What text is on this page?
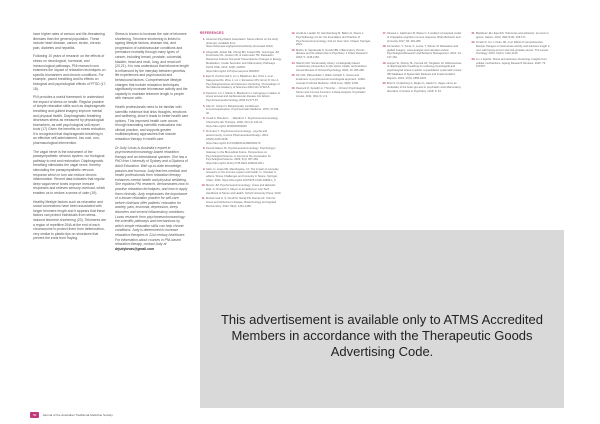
have higher rates of serious and life-threatening illnesses than the general population. These include heart disease, cancer, stroke, chronic pain, diabetes and hepatitis.

Following 10 years of research on the effects of stress on neurological, hormonal, and immunological pathways, PNI research now examines the impact of relaxation techniques on specific biomarkers and chronic conditions. For example, paced breathing and its effects on biological and psychological effects of PTSD (17, 18).

PNI provides a useful framework to understand the impact of stress on health. Regular practice of simple relaxation skills such as diaphragmatic breathing and guided imagery improve mental and physical health. Diaphragmatic breathing decreases stress as measured by physiological biomarkers, as well psychological self-report tools (17) Given the benefits on stress reduction, it is recognised that diaphragmatic breathing is an effective self-administered, low cost, non-pharmacological intervention.

The vagal nerve is the instrument of the parasympathetic nervous system, our biological pathway to rest and restoration. Diaphragmatic breathing stimulates the vagal nerve, thereby stimulating the parasympathetic nervous response which in turn can reduce chronic inflammation. Recent data indicates that regular deep vagal nerve tones improve immune responses and relieves sensory overload, which enables us to restore a sense of calm (19).

Healthy lifestyle factors such as relaxation and social connections have been associated with longer telomere length and it appears that these factors can protect individuals from stress-induced telomere shortening (20). Telomeres are a region of repetitive DNA at the end of each chromosome to protect them from deterioration, very similar to plastic tips on shoelaces that prevent the ends from fraying.

Stress is known to increase the rate of telomere shortening. Telomere shortening is linked to ageing lifestyle factors, disease risk, and progression of cardiovascular conditions and premature mortality through many types of cancer, including breast, prostate, colorectal, bladder, head and neck, lung, and renal cell (20,21). It is now understood that telomere length is influenced by the interplay between genetics, life experiences and psychosocial and behavioural factors. Comprehensive lifestyle changes that include relaxation techniques significantly increase telomerase activity and the capacity to maintain telomere length in people with immune cells.

Health professionals need to be familiar with scientific evidence that links thoughts, emotions and wellbeing, since it leads to better health care options. This improved health care occurs through translating scientific evaluations into clinical practice, and supports greater multidisciplinary approaches that include relaxation therapy in health care.

Dr Judy Lovas is Australia's expert in psychoneuroimmunology-based relaxation therapy and an international speaker. She has a PhD from University of Sydney and a Diploma of Adult Education. With up-to-date knowledge, passion and humour, Judy teaches medical and health professionals from relaxation therapy enhances mental health and physical wellbeing. She explains PNI research, demonstrates how to practise relaxation techniques, and how to apply them clinically. Judy emphasises the importance of a known relaxation practice for self-care before clinicians offer patients' relaxation for anxiety, pain, insomnia, depression, sleep disorders and several inflammatory conditions. Lovas research from psychoneuroimmunology: the scientific pathways and mechanisms by which simple relaxation skills can help chronic conditions. Judy is determined to increase relaxation therapies in 21st century healthcare. For information about courses in PNI-based relaxation therapy, contact Judy at drjudylovas@gmail.com

REFERENCES
1. American Psychiatric Association. Stress effects on the body (Internet). Available from: https://www.apa.org/topics/stress/body (Accessed 2022).
2. Ahaya ER, Apkah DE, Chung BN, Joseph RN, Grenimger JM, Frushmeier DL, Hesson IR, & Litsinmeier TM. Relaxation Response Induces Temporal Transcriptome Changes in Energy Metabolism, Insulin Secretion and Inflammatory Pathways. PLOS ONE. 2013; 12(5): e62817. https://doi.org/10.1371/journal.pone.0062817
3. Epel N, Parzormeid F, Lin J, Blackburn EH, Ortro J, et al. Sakuyama DG, Zhou J, Lin J, Esmanson RS, Ernor R, Kim A. Psychological stress and telomere shortening. Proceedings of the National Academy of Sciences 2004;101:17312-5.
4. Pereira F, Lin J, Martin A, Blackburn H. Cell aging in relation to stress arousal and cardiovascular disease risk factors. Psychoneuroendocrinology 2006;31:277-87.
5. Ader R. Cohen N. Behaviourally conditioned immunosuppression. Psychosomatic Medicine. 1975; 37:333-40.
6. Yousfi A, Brenda-F; ... Mandrum J. Psychoneuroimmunology. Chemische der Therapie. 2006; 21(1-2):133-41. https://doi.org/10.1159/000092030
7. Zimmarin T. Psychoneuroimmunology - psyche and autoimmunity. Current Pharmaceutical Design. 2012; 18(29):4445-4448. https://doi.org/10.2174/138161212802502170
8. Kiecolt-Glaser JK. Psychoneuroimmunology: Psychology's Gateway to the Biomedical Future. Perspectives on Psychological Science: A Journal of the Association for Psychological Science. 2009; 4(4): 367-369 https://doi.org/10.1111/j.1745-6924.2009.01139.x
9. Salvi, H. Lewis NE, Mandrayeka, CJ. The impact of everyday stressors on the immune system and health. In: Choukèr A, editors. Stress Challenges and Immunity in Space. Springer, Cham; 2020. https://doi.org/10.1007/978-3-030-16996-1_6
10. Mercer JM. Psychoneuroimmunology: stress and allostatic load. In: Ninevich V. Meyer et al Hardcover, Ann Tech Handbook of Stress and Health. Oxford University Press; 2019.
11. Mohammad H. S. Dundi M. Naraji PD, Damla GK. Chronic stress and Alzheimer's disease. Biotechnology and Applied Biochemistry. 2022; 69(4): 1451-1458.
12. Anotik E, Lautkin NI, Hamblenberg M, Baltun H, Steel LL. Psychotherapy of Life: the Foundation and Practice of Psychoneuroimmunology. 2nd ed. New York: Chapel: Springer; 2021.
13. Martin, E. Sepúlveda N, Gurvitz BB. Inflammatory chronic disease and its relationship to Psychiatry. J Inflam Research 2018; 5: 1145-1152.
14. Slavich GM. Social safety theory: a biologically based evolutionary perspective on life stress, health, and behavior. Annual Review of Clinical Psychology. 2020; 16: 265-295.
15. Kim MA, Pikkuenblatt J, Rabin-Schaidr K. Stress and loneliness: A psychoneuroimmunological approach. JAMA: Journal of Clinical Medicine. 2019 June: 30(8): 1009.
16. Peacock R, Spradlin A. Thrombo ... Chronic Psychological Stress and Immune Function: A Meta-Analysis. Psychiatric Annals. 2011; 30(2-3): 2-3.
17. Strauss L, Gathmann B, Weiss C. A resilient conceptual model of integrative-cognitive immune response. Brain Behavior and Immunity 2017; 66: 281-289.
18. Fernandez, V, Tuma, K, Lucas, T, Shinar, M. Relaxation and guided imagery: meta-analysis and narrative review. Psychological Research and Behavior Management. 2021; 14: 137-152.
19. Hopper SI, Murray SL, Ferrara LR, Singleton JK. Effectiveness of diaphragmatic breathing for reducing physiological and psychological stress in adults: a quantitative systematic review. JBI Database of Systematic Reviews and Implementation Reports. 2019; 17(9): 1855-1876.
20. Breit S, Kupferberg A, Rogler G, Hasler G. Vagus nerve as modulator of the brain-gut axis in psychiatric and inflammatory disorders. Frontiers in Psychiatry. 2018; 9: 44.
21. Blackburn EH, Epel ES. Telomeres and adversity: too toxic to ignore. Nature. 2012; 490(7419): 169-171.
22. Ornish D, Lin J, Chan JM, et al. Effect of comprehensive lifestyle changes on telomerase activity and telomere length in men with biopsy-proven low-risk prostate cancer. The Lancet Oncology. 2013; 14(11): 1112-1120.
23. Lin J, Epel E. Stress and telomere shortening: Insights from cellular mechanisms. Ageing Research Reviews. 2022; 73: 101507.
This advertisement is available only to ATMS Accredited Members in accordance with the Therapeutic Goods Advertising Code.
50	Journal of the Australian Traditional-Medicine Society
